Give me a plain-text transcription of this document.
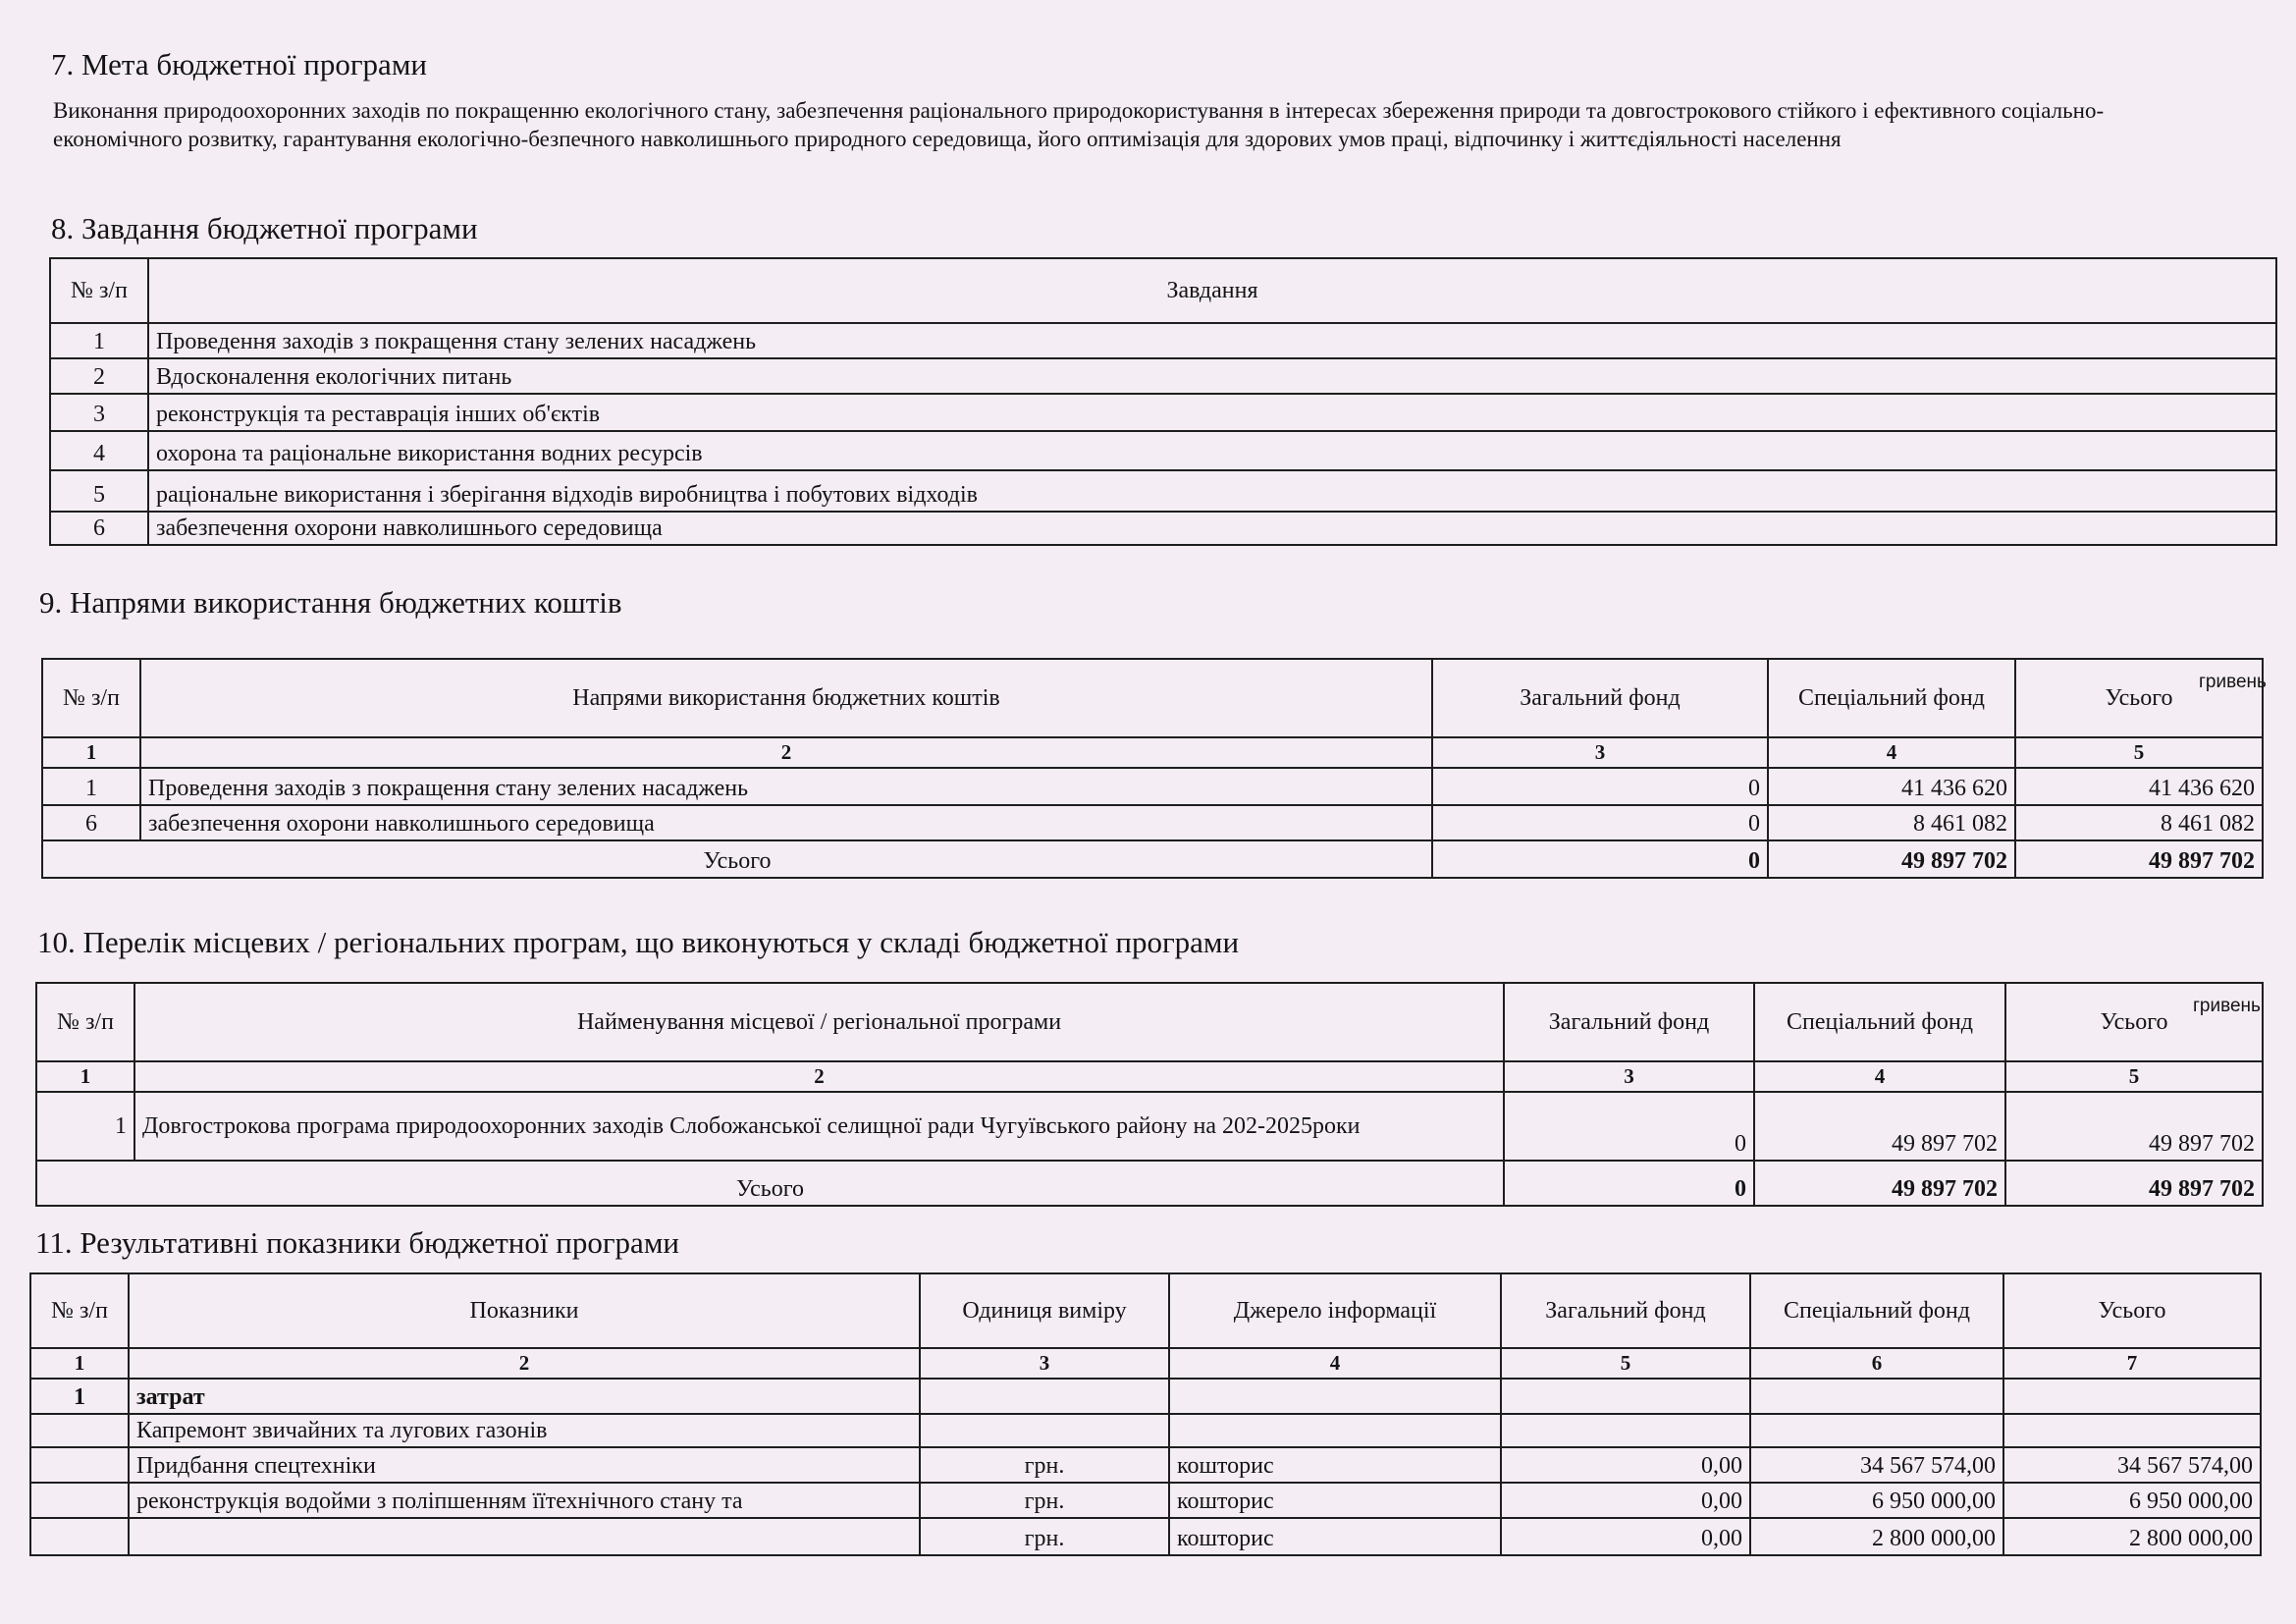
7. Мета бюджетної програми
Виконання природоохоронних заходів по покращенню екологічного стану, забезпечення раціонального природокористування в інтересах збереження природи та довгострокового стійкого і ефективного соціально-економічного розвитку, гарантування екологічно-безпечного навколишнього природного середовища, його оптимізація для здорових умов праці, відпочинку і життєдіяльності населення
8. Завдання бюджетної програми
№ з/п	Завдання
1	Проведення заходів з покращення стану зелених насаджень
2	Вдосконалення екологічних питань
3	реконструкція та реставрація інших об'єктів
4	охорона та раціональне використання водних ресурсів
5	раціональне використання і зберігання відходів виробництва і побутових відходів
6	забезпечення охорони навколишнього середовища
9. Напрями використання бюджетних коштів
гривень
№ з/п	Напрями використання бюджетних коштів	Загальний фонд	Спеціальний фонд	Усього
1	2	3	4	5
1	Проведення заходів з покращення стану зелених насаджень	0	41 436 620	41 436 620
6	забезпечення охорони навколишнього середовища	0	8 461 082	8 461 082
Усього		0	49 897 702	49 897 702
10. Перелік місцевих / регіональних програм, що виконуються у складі бюджетної програми
гривень
№ з/п	Найменування місцевої / регіональної програми	Загальний фонд	Спеціальний фонд	Усього
1	2	3	4	5
1	Довгострокова програма природоохоронних заходів Слобожанської селищної ради Чугуївського району на 202-2025роки	0	49 897 702	49 897 702
Усього		0	49 897 702	49 897 702
11. Результативні показники бюджетної програми
№ з/п	Показники	Одиниця виміру	Джерело інформації	Загальний фонд	Спеціальний фонд	Усього
1	2	3	4	5	6	7
1	затрат					
	Капремонт звичайних та лугових газонів					
	Придбання спецтехніки	грн.	кошторис	0,00	34 567 574,00	34 567 574,00
	реконструкція водойми з поліпшенням їїтехнічного стану та	грн.	кошторис	0,00	6 950 000,00	6 950 000,00
		грн.	кошторис	0,00	2 800 000,00	2 800 000,00
